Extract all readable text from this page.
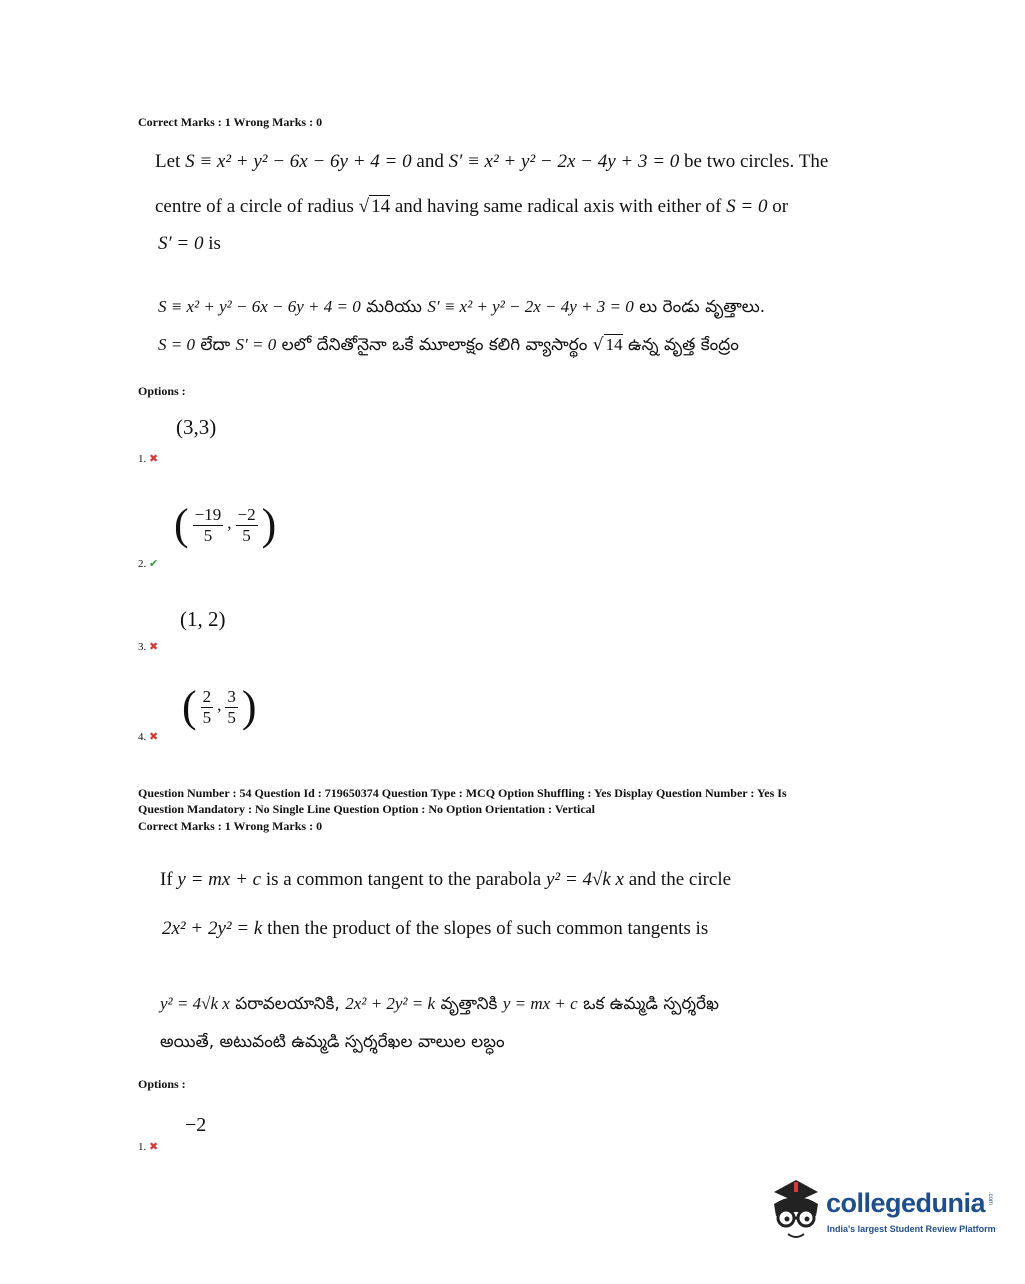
Correct Marks : 1 Wrong Marks : 0
Let S ≡ x² + y² − 6x − 6y + 4 = 0 and S′ ≡ x² + y² − 2x − 4y + 3 = 0 be two circles. The
centre of a circle of radius √ 14 and having same radical axis with either of S = 0 or
S′ = 0 is
S ≡ x² + y² − 6x − 6y + 4 = 0 మరియు S′ ≡ x² + y² − 2x − 4y + 3 = 0 లు రెండు వృత్తాలు.
S = 0 లేదా S′ = 0 లలో దేనితోనైనా ఒకే మూలాక్షం కలిగి వ్యాసార్థం √ 14 ఉన్న వృత్త కేంద్రం
Options :
(3,3)
1. ✖
( $\frac{-19}{5}$ , $\frac{-2}{5}$ )
2. ✔
(1, 2)
3. ✖
( $\frac{2}{5}$ , $\frac{3}{5}$ )
4. ✖
Question Number : 54 Question Id : 719650374 Question Type : MCQ Option Shuffling : Yes Display Question Number : Yes Is
Question Mandatory : No Single Line Question Option : No Option Orientation : Vertical
Correct Marks : 1 Wrong Marks : 0
If y = mx + c is a common tangent to the parabola y² = 4√k x and the circle
2x² + 2y² = k then the product of the slopes of such common tangents is
y² = 4√k x పరావలయానికి, 2x² + 2y² = k వృత్తానికి y = mx + c ఒక ఉమ్మడి స్పర్శరేఖ
అయితే, అటువంటి ఉమ్మడి స్పర్శరేఖల వాలుల లబ్ధం
Options :
−2
1. ✖
collegedunia .com
India's largest Student Review Platform
